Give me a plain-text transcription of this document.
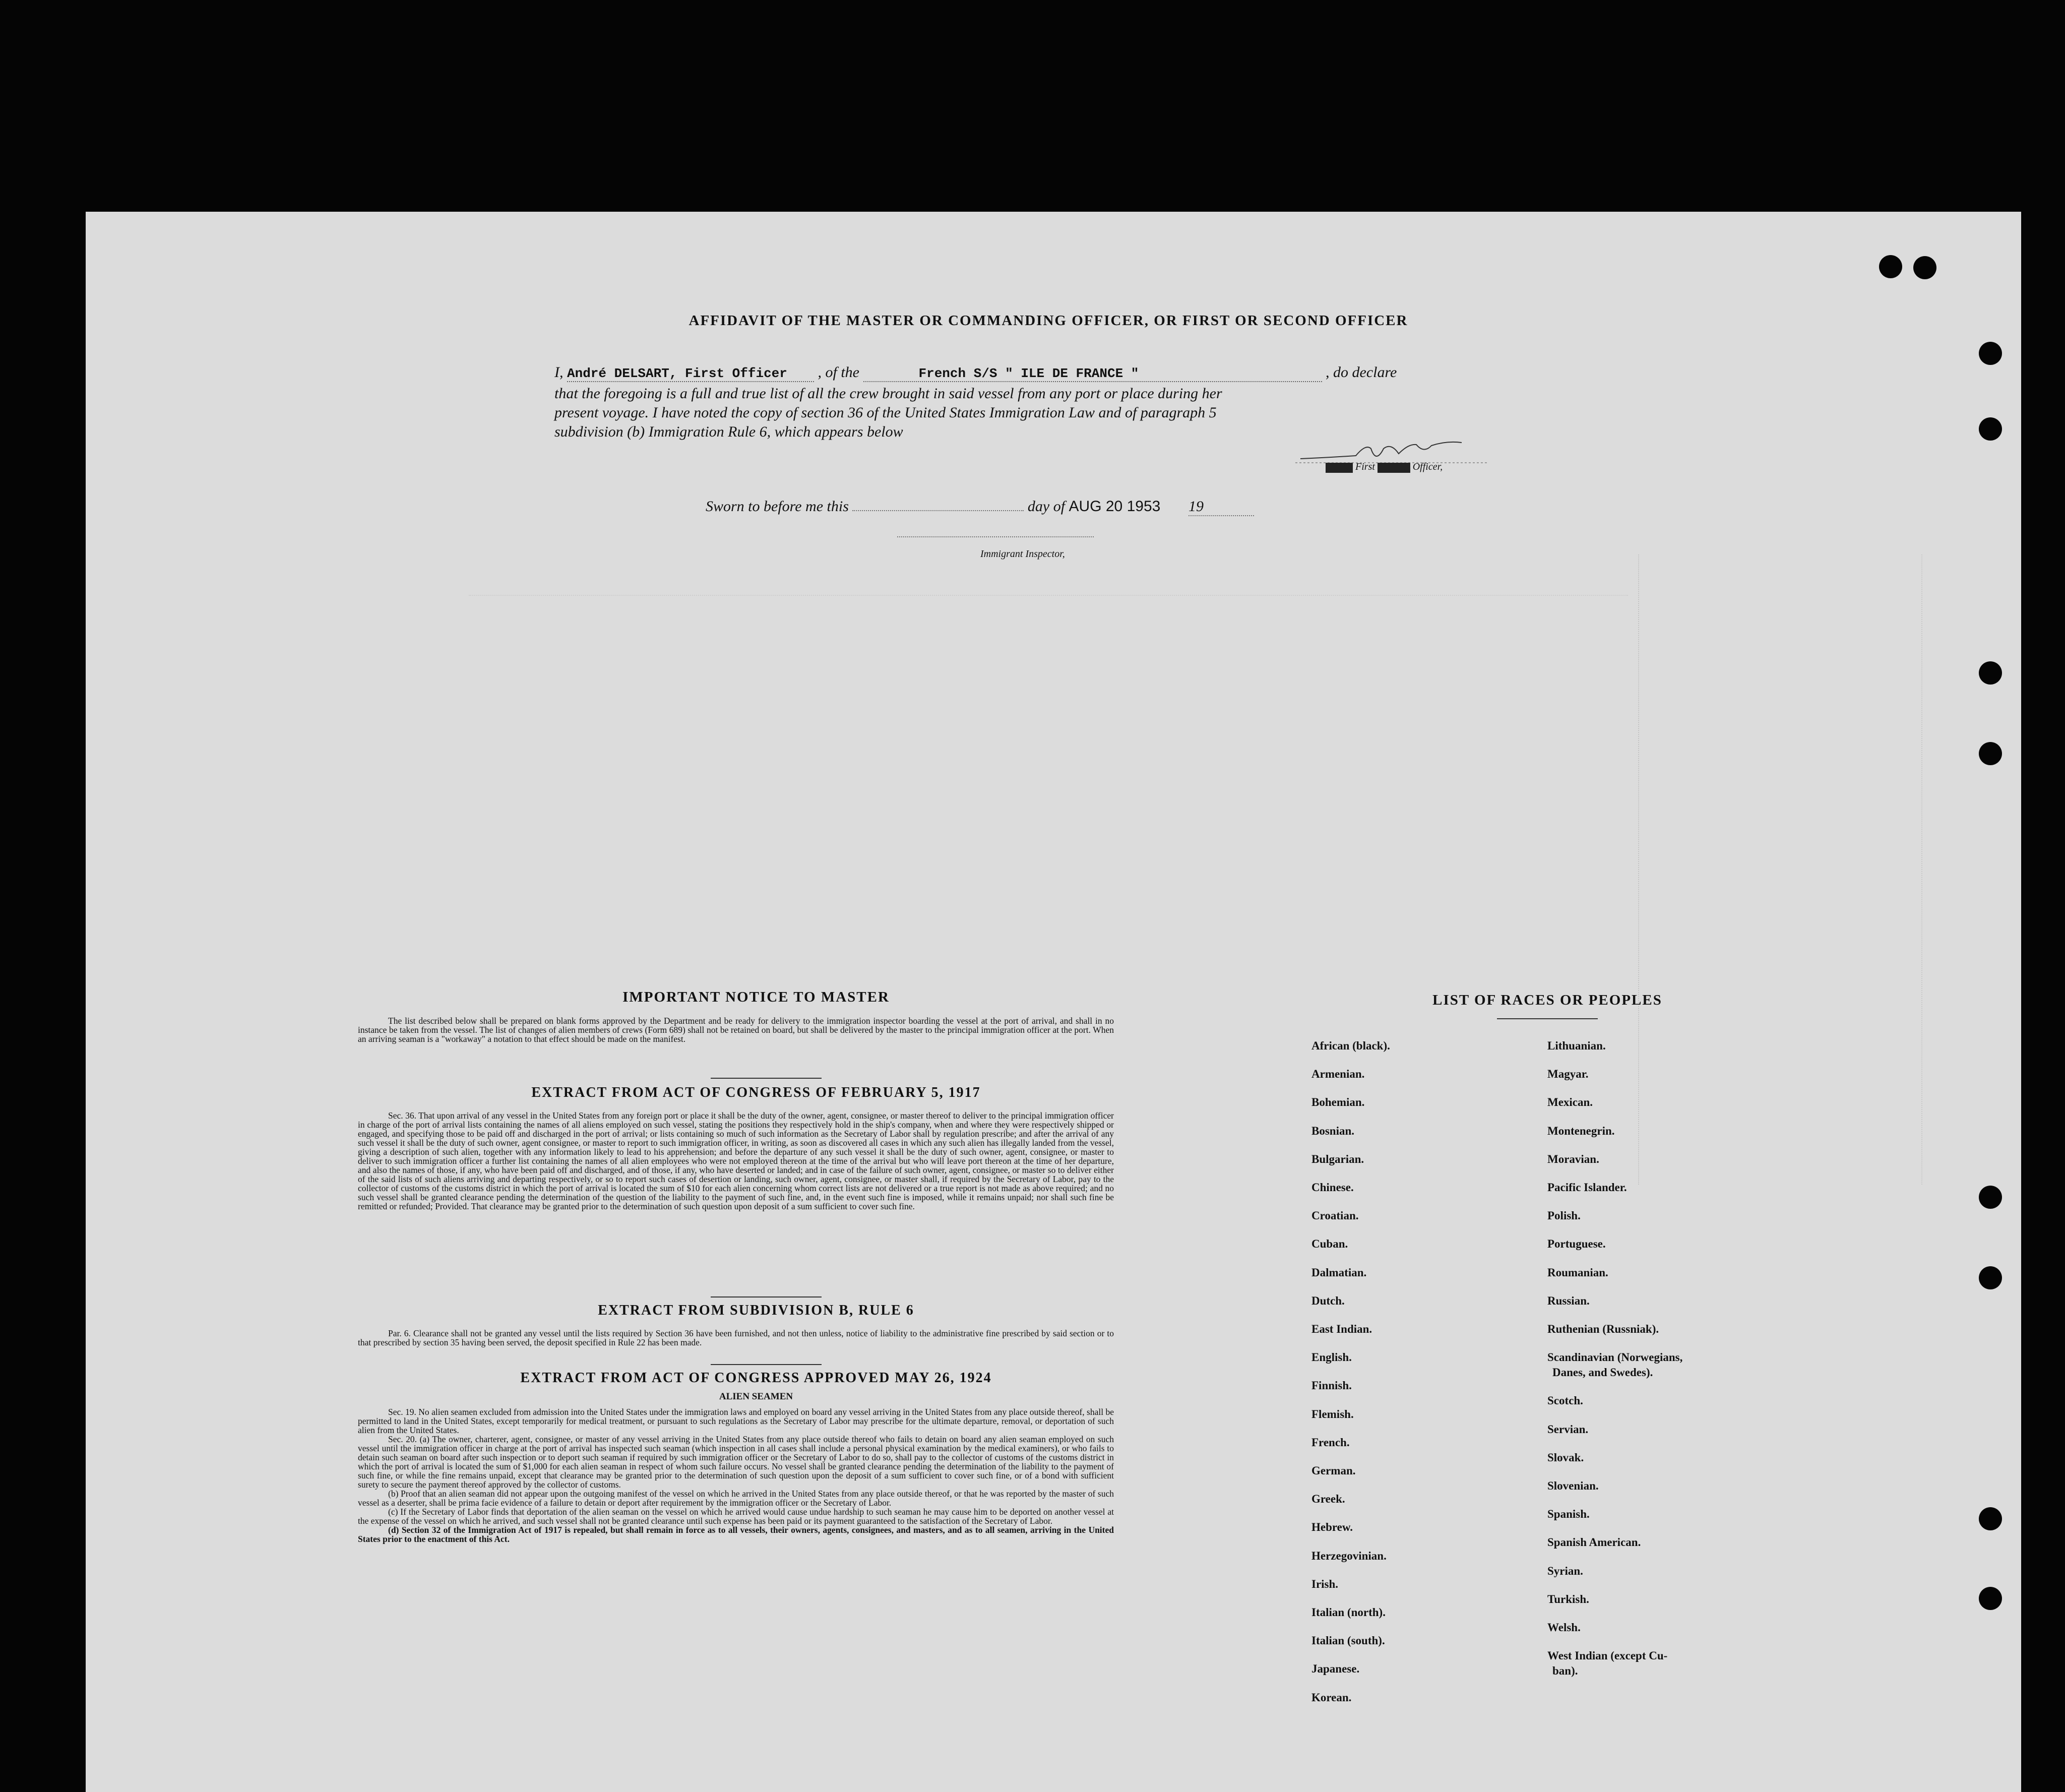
AFFIDAVIT OF THE MASTER OR COMMANDING OFFICER, OR FIRST OR SECOND OFFICER
I, André DELSART, First Officer , of the	French S/S " ILE DE FRANCE "	, do declare
that the foregoing is a full and true list of all the crew brought in said vessel from any port or place during her
present voyage. I have noted the copy of section 36 of the United States Immigration Law and of paragraph 5
subdivision (b) Immigration Rule 6, which appears below
XXXXX First XXXXXX Officer,
Sworn to before me this	day of AUG 20 1953 19
Immigrant Inspector,
IMPORTANT NOTICE TO MASTER

The list described below shall be prepared on blank forms approved by the Department and be ready for delivery to the immigration inspector boarding the vessel at the port of arrival, and shall in no instance be taken from the vessel. The list of changes of alien members of crews (Form 689) shall not be retained on board, but shall be delivered by the master to the principal immigration officer at the port. When an arriving seaman is a "workaway" a notation to that effect should be made on the manifest.

EXTRACT FROM ACT OF CONGRESS OF FEBRUARY 5, 1917

Sec. 36. That upon arrival of any vessel in the United States from any foreign port or place it shall be the duty of the owner, agent, consignee, or master thereof to deliver to the principal immigration officer in charge of the port of arrival lists containing the names of all aliens employed on such vessel, stating the positions they respectively hold in the ship's company, when and where they were respectively shipped or engaged, and specifying those to be paid off and discharged in the port of arrival; or lists containing so much of such information as the Secretary of Labor shall by regulation prescribe; and after the arrival of any such vessel it shall be the duty of such owner, agent consignee, or master to report to such immigration officer, in writing, as soon as discovered all cases in which any such alien has illegally landed from the vessel, giving a description of such alien, together with any information likely to lead to his apprehension; and before the departure of any such vessel it shall be the duty of such owner, agent, consignee, or master to deliver to such immigration officer a further list containing the names of all alien employees who were not employed thereon at the time of the arrival but who will leave port thereon at the time of her departure, and also the names of those, if any, who have been paid off and discharged, and of those, if any, who have deserted or landed; and in case of the failure of such owner, agent, consignee, or master so to deliver either of the said lists of such aliens arriving and departing respectively, or so to report such cases of desertion or landing, such owner, agent, consignee, or master shall, if required by the Secretary of Labor, pay to the collector of customs of the customs district in which the port of arrival is located the sum of $10 for each alien concerning whom correct lists are not delivered or a true report is not made as above required; and no such vessel shall be granted clearance pending the determination of the question of the liability to the payment of such fine, and, in the event such fine is imposed, while it remains unpaid; nor shall such fine be remitted or refunded; Provided. That clearance may be granted prior to the determination of such question upon deposit of a sum sufficient to cover such fine.

EXTRACT FROM SUBDIVISION B, RULE 6

Par. 6. Clearance shall not be granted any vessel until the lists required by Section 36 have been furnished, and not then unless, notice of liability to the administrative fine prescribed by said section or to that prescribed by section 35 having been served, the deposit specified in Rule 22 has been made.

EXTRACT FROM ACT OF CONGRESS APPROVED MAY 26, 1924
ALIEN SEAMEN

Sec. 19. No alien seamen excluded from admission into the United States under the immigration laws and employed on board any vessel arriving in the United States from any place outside thereof, shall be permitted to land in the United States, except temporarily for medical treatment, or pursuant to such regulations as the Secretary of Labor may prescribe for the ultimate departure, removal, or deportation of such alien from the United States.

Sec. 20. (a) The owner, charterer, agent, consignee, or master of any vessel arriving in the United States from any place outside thereof who fails to detain on board any alien seaman employed on such vessel until the immigration officer in charge at the port of arrival has inspected such seaman (which inspection in all cases shall include a personal physical examination by the medical examiners), or who fails to detain such seaman on board after such inspection or to deport such seaman if required by such immigration officer or the Secretary of Labor to do so, shall pay to the collector of customs of the customs district in which the port of arrival is located the sum of $1,000 for each alien seaman in respect of whom such failure occurs. No vessel shall be granted clearance pending the determination of the liability to the payment of such fine, or while the fine remains unpaid, except that clearance may be granted prior to the determination of such question upon the deposit of a sum sufficient to cover such fine, or of a bond with sufficient surety to secure the payment thereof approved by the collector of customs.

(b) Proof that an alien seaman did not appear upon the outgoing manifest of the vessel on which he arrived in the United States from any place outside thereof, or that he was reported by the master of such vessel as a deserter, shall be prima facie evidence of a failure to detain or deport after requirement by the immigration officer or the Secretary of Labor.

(c) If the Secretary of Labor finds that deportation of the alien seaman on the vessel on which he arrived would cause undue hardship to such seaman he may cause him to be deported on another vessel at the expense of the vessel on which he arrived, and such vessel shall not be granted clearance until such expense has been paid or its payment guaranteed to the satisfaction of the Secretary of Labor.

(d) Section 32 of the Immigration Act of 1917 is repealed, but shall remain in force as to all vessels, their owners, agents, consignees, and masters, and as to all seamen, arriving in the United States prior to the enactment of this Act.

LIST OF RACES OR PEOPLES
African (black).
Armenian.
Bohemian.
Bosnian.
Bulgarian.
Chinese.
Croatian.
Cuban.
Dalmatian.
Dutch.
East Indian.
English.
Finnish.
Flemish.
French.
German.
Greek.
Hebrew.
Herzegovinian.
Irish.
Italian (north).
Italian (south).
Japanese.
Korean.
Lithuanian.
Magyar.
Mexican.
Montenegrin.
Moravian.
Pacific Islander.
Polish.
Portuguese.
Roumanian.
Russian.
Ruthenian (Russniak).
Scandinavian (Norwegians,
Danes, and Swedes).
Scotch.
Servian.
Slovak.
Slovenian.
Spanish.
Spanish American.
Syrian.
Turkish.
Welsh.
West Indian (except Cu-
ban).
